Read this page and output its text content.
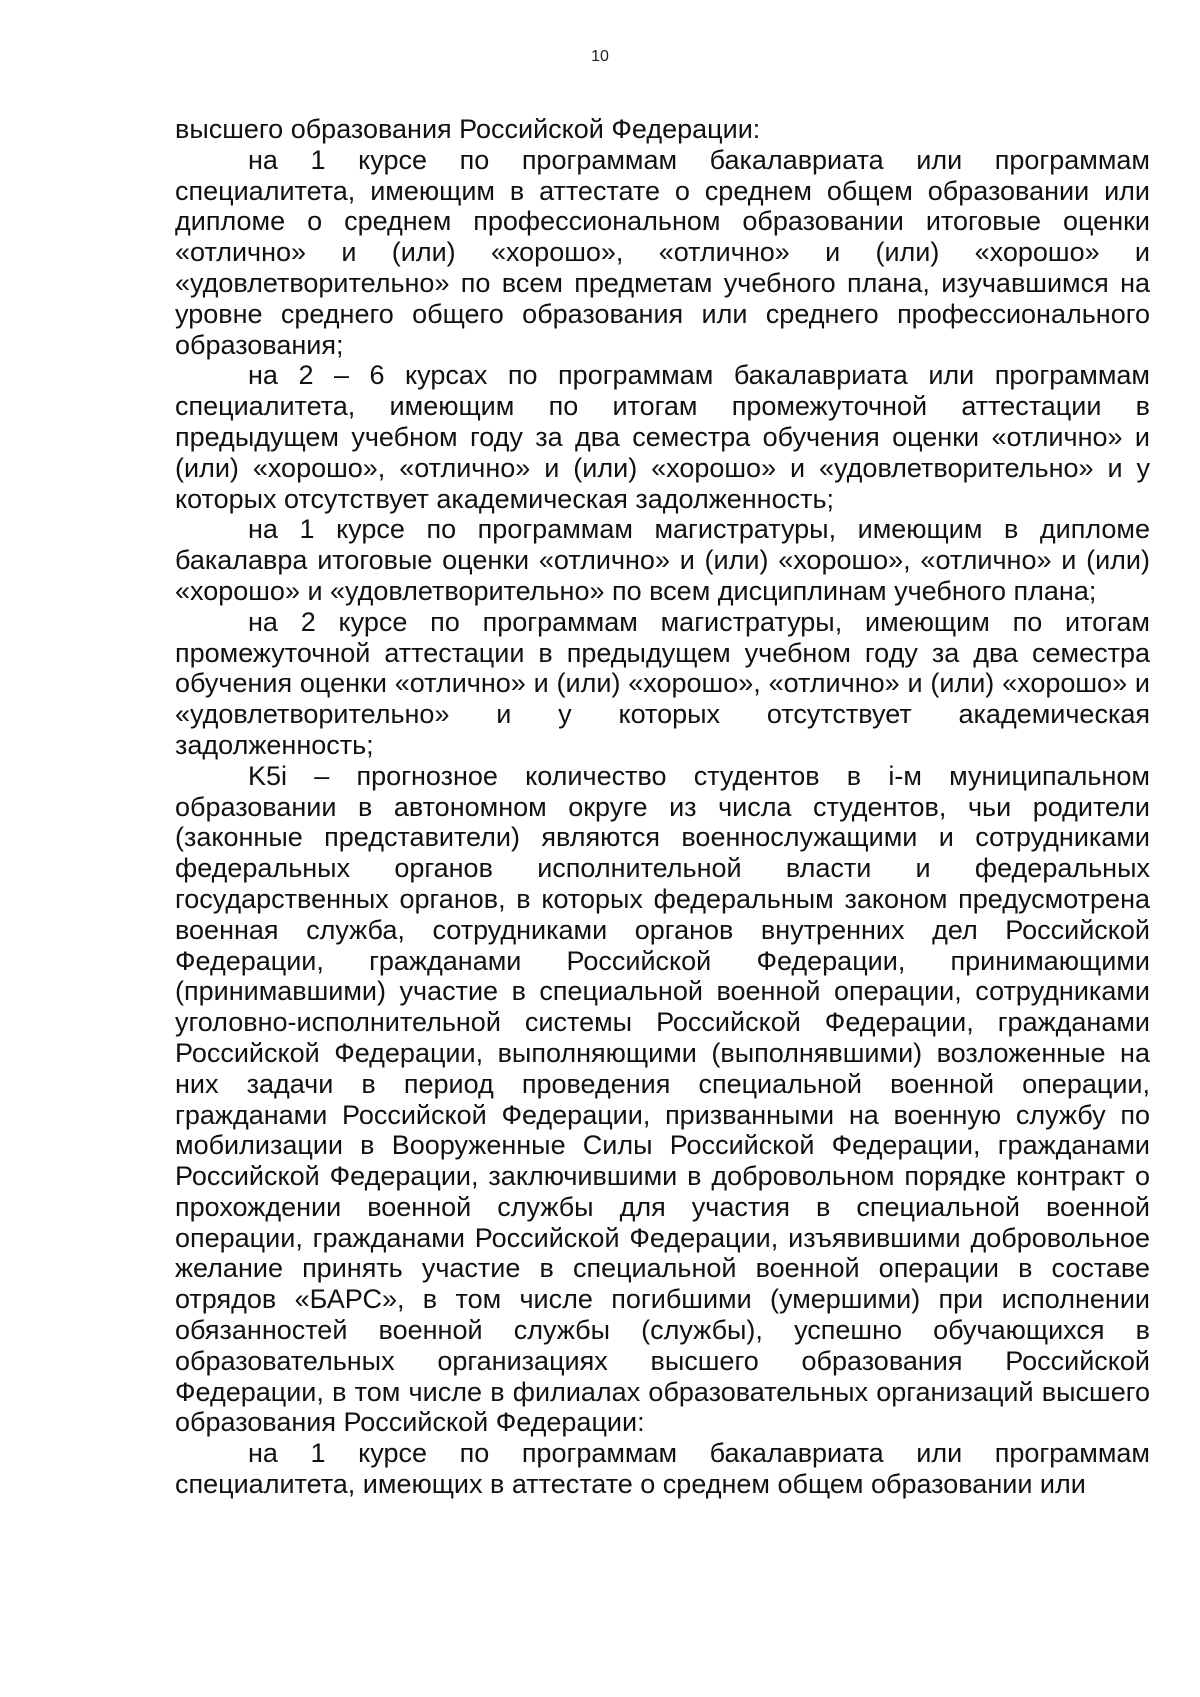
10

высшего образования Российской Федерации:

на 1 курсе по программам бакалавриата или программам специалитета, имеющим в аттестате о среднем общем образовании или дипломе о среднем профессиональном образовании итоговые оценки «отлично» и (или) «хорошо», «отлично» и (или) «хорошо» и «удовлетворительно» по всем предметам учебного плана, изучавшимся на уровне среднего общего образования или среднего профессионального образования;

на 2 – 6 курсах по программам бакалавриата или программам специалитета, имеющим по итогам промежуточной аттестации в предыдущем учебном году за два семестра обучения оценки «отлично» и (или) «хорошо», «отлично» и (или) «хорошо» и «удовлетворительно» и у которых отсутствует академическая задолженность;

на 1 курсе по программам магистратуры, имеющим в дипломе бакалавра итоговые оценки «отлично» и (или) «хорошо», «отлично» и (или) «хорошо» и «удовлетворительно» по всем дисциплинам учебного плана;

на 2 курсе по программам магистратуры, имеющим по итогам промежуточной аттестации в предыдущем учебном году за два семестра обучения оценки «отлично» и (или) «хорошо», «отлично» и (или) «хорошо» и «удовлетворительно» и у которых отсутствует академическая задолженность;

K5i – прогнозное количество студентов в i-м муниципальном образовании в автономном округе из числа студентов, чьи родители (законные представители) являются военнослужащими и сотрудниками федеральных органов исполнительной власти и федеральных государственных органов, в которых федеральным законом предусмотрена военная служба, сотрудниками органов внутренних дел Российской Федерации, гражданами Российской Федерации, принимающими (принимавшими) участие в специальной военной операции, сотрудниками уголовно-исполнительной системы Российской Федерации, гражданами Российской Федерации, выполняющими (выполнявшими) возложенные на них задачи в период проведения специальной военной операции, гражданами Российской Федерации, призванными на военную службу по мобилизации в Вооруженные Силы Российской Федерации, гражданами Российской Федерации, заключившими в добровольном порядке контракт о прохождении военной службы для участия в специальной военной операции, гражданами Российской Федерации, изъявившими добровольное желание принять участие в специальной военной операции в составе отрядов «БАРС», в том числе погибшими (умершими) при исполнении обязанностей военной службы (службы), успешно обучающихся в образовательных организациях высшего образования Российской Федерации, в том числе в филиалах образовательных организаций высшего образования Российской Федерации:

на 1 курсе по программам бакалавриата или программам специалитета, имеющих в аттестате о среднем общем образовании или
